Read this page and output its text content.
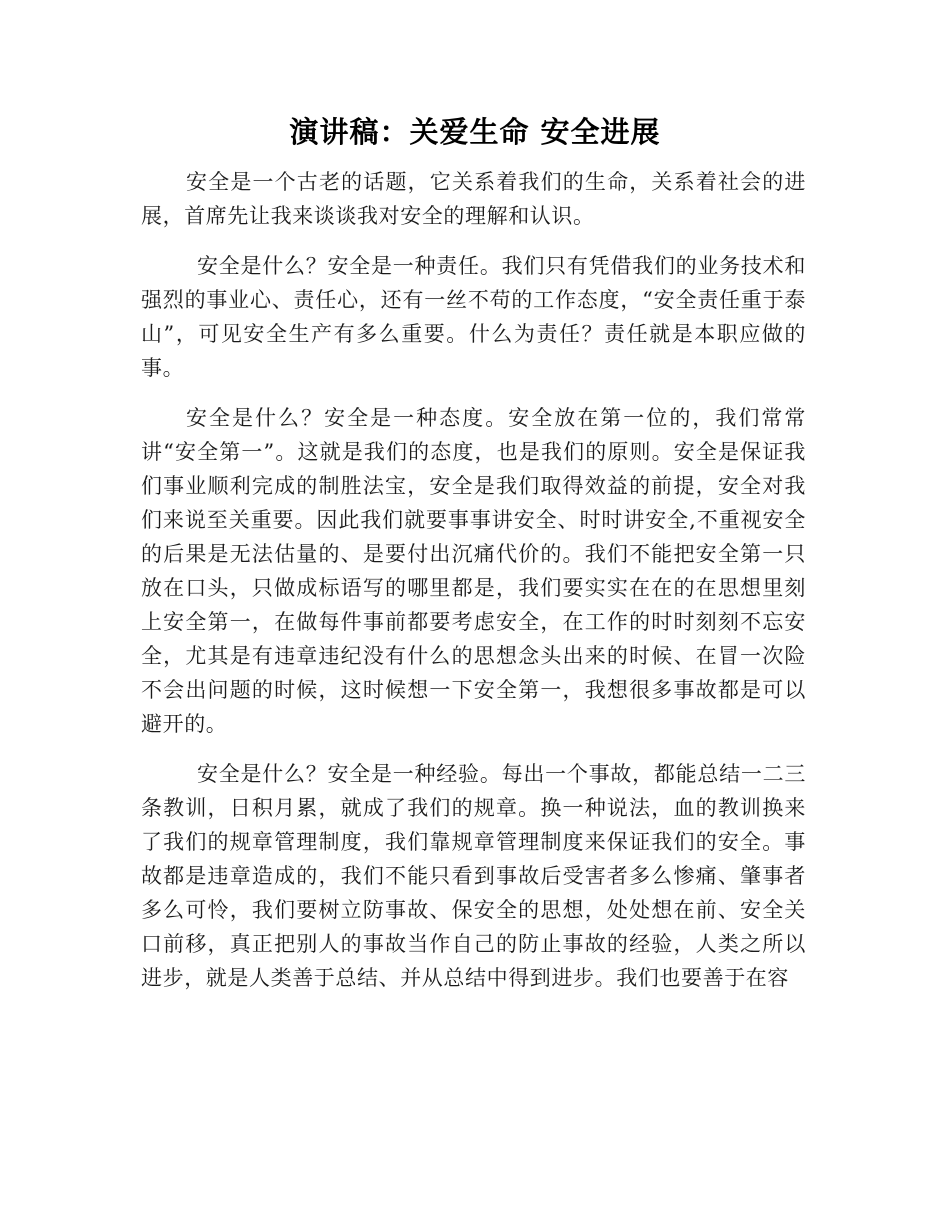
演讲稿：关爱生命 安全进展

安全是一个古老的话题，它关系着我们的生命，关系着社会的进展，首席先让我来谈谈我对安全的理解和认识。

安全是什么？安全是一种责任。我们只有凭借我们的业务技术和强烈的事业心、责任心，还有一丝不苟的工作态度，“安全责任重于泰山”，可见安全生产有多么重要。什么为责任？责任就是本职应做的事。

安全是什么？安全是一种态度。安全放在第一位的，我们常常讲“安全第一”。这就是我们的态度，也是我们的原则。安全是保证我们事业顺利完成的制胜法宝，安全是我们取得效益的前提，安全对我们来说至关重要。因此我们就要事事讲安全、时时讲安全,不重视安全的后果是无法估量的、是要付出沉痛代价的。我们不能把安全第一只放在口头，只做成标语写的哪里都是，我们要实实在在的在思想里刻上安全第一，在做每件事前都要考虑安全，在工作的时时刻刻不忘安全，尤其是有违章违纪没有什么的思想念头出来的时候、在冒一次险不会出问题的时候，这时候想一下安全第一，我想很多事故都是可以避开的。

安全是什么？安全是一种经验。每出一个事故，都能总结一二三条教训，日积月累，就成了我们的规章。换一种说法，血的教训换来了我们的规章管理制度，我们靠规章管理制度来保证我们的安全。事故都是违章造成的，我们不能只看到事故后受害者多么惨痛、肇事者多么可怜，我们要树立防事故、保安全的思想，处处想在前、安全关口前移，真正把别人的事故当作自己的防止事故的经验，人类之所以进步，就是人类善于总结、并从总结中得到进步。我们也要善于在容
